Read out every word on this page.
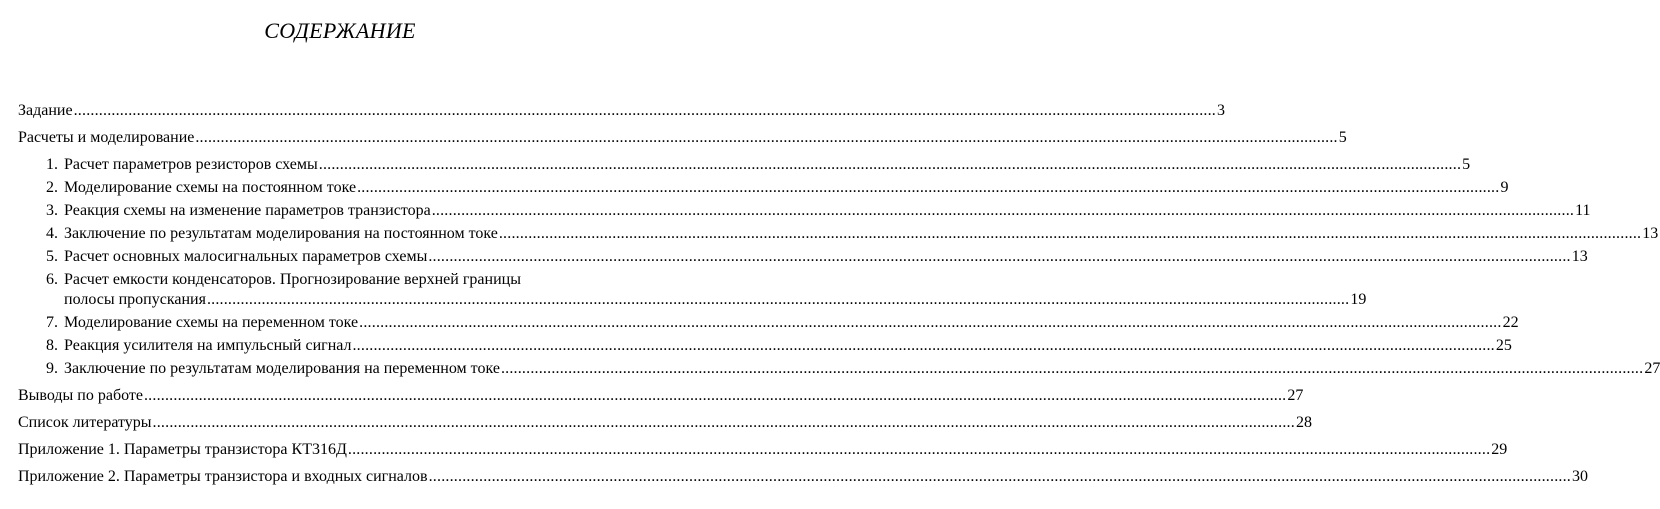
СОДЕРЖАНИЕ
Задание .....	3
Расчеты и моделирование .....	5
1. Расчет параметров резисторов схемы .....	5
2. Моделирование схемы на постоянном токе .....	9
3. Реакция схемы на изменение параметров транзистора .....	11
4. Заключение по результатам моделирования на постоянном токе .....	13
5. Расчет основных малосигнальных параметров схемы .....	13
6. Расчет емкости конденсаторов. Прогнозирование верхней границы
полосы пропускания .....	19
7. Моделирование схемы на переменном токе .....	22
8. Реакция усилителя на импульсный сигнал .....	25
9. Заключение по результатам моделирования на переменном токе .....	27
Выводы по работе .....	27
Список литературы .....	28
Приложение 1. Параметры транзистора КТ316Д .....	29
Приложение 2. Параметры транзистора и входных сигналов .....	30
